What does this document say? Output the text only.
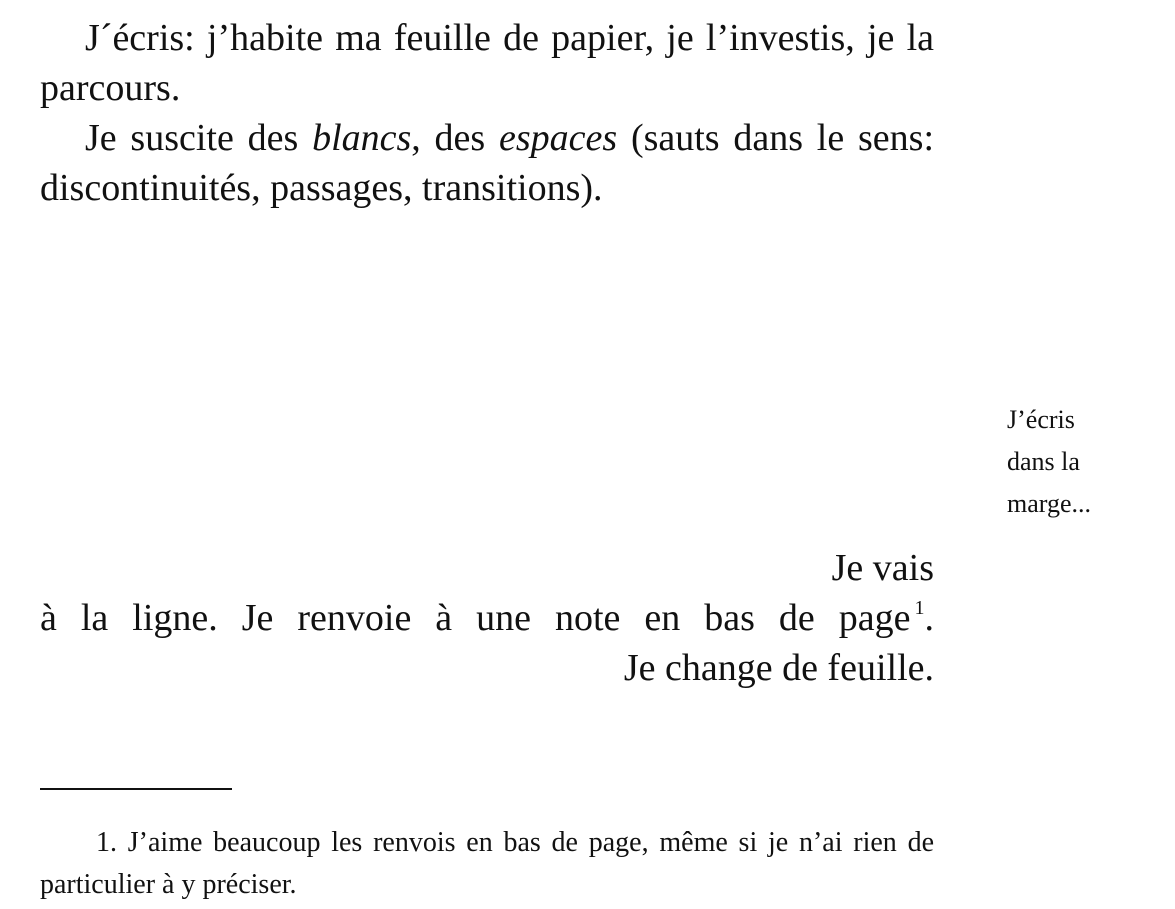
J´écris: j’habite ma feuille de papier, je l’investis, je la parcours.

Je suscite des blancs, des espaces (sauts dans le sens: discontinuités, passages, transitions).

J’écris
dans la
marge...

Je vais

à la ligne. Je renvoie à une note en bas de page $^1$.

Je change de feuille.

1. J’aime beaucoup les renvois en bas de page, même si je n’ai rien de particulier à y préciser.
